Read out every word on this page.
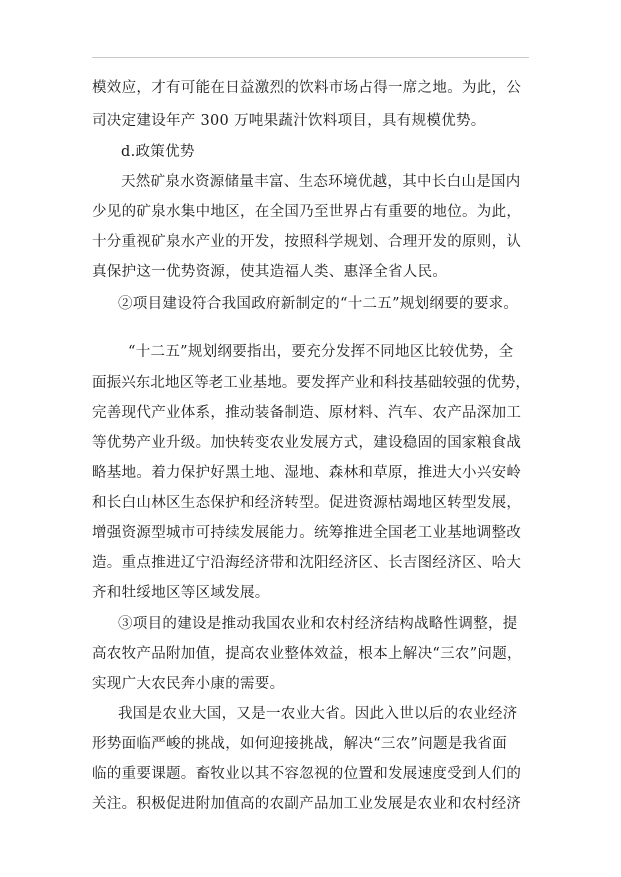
模效应，才有可能在日益激烈的饮料市场占得一席之地。为此，公
司决定建设年产 300 万吨果蔬汁饮料项目，具有规模优势。
d.政策优势
天然矿泉水资源储量丰富、生态环境优越，其中长白山是国内
少见的矿泉水集中地区，在全国乃至世界占有重要的地位。为此，
十分重视矿泉水产业的开发，按照科学规划、合理开发的原则，认
真保护这一优势资源，使其造福人类、惠泽全省人民。
②项目建设符合我国政府新制定的“十二五”规划纲要的要求。
“十二五”规划纲要指出，要充分发挥不同地区比较优势，全
面振兴东北地区等老工业基地。要发挥产业和科技基础较强的优势，
完善现代产业体系，推动装备制造、原材料、汽车、农产品深加工
等优势产业升级。加快转变农业发展方式，建设稳固的国家粮食战
略基地。着力保护好黑土地、湿地、森林和草原，推进大小兴安岭
和长白山林区生态保护和经济转型。促进资源枯竭地区转型发展，
增强资源型城市可持续发展能力。统筹推进全国老工业基地调整改
造。重点推进辽宁沿海经济带和沈阳经济区、长吉图经济区、哈大
齐和牡绥地区等区域发展。
③项目的建设是推动我国农业和农村经济结构战略性调整，提
高农牧产品附加值，提高农业整体效益，根本上解决“三农”问题，
实现广大农民奔小康的需要。
我国是农业大国，又是一农业大省。因此入世以后的农业经济
形势面临严峻的挑战，如何迎接挑战，解决“三农”问题是我省面
临的重要课题。畜牧业以其不容忽视的位置和发展速度受到人们的
关注。积极促进附加值高的农副产品加工业发展是农业和农村经济
